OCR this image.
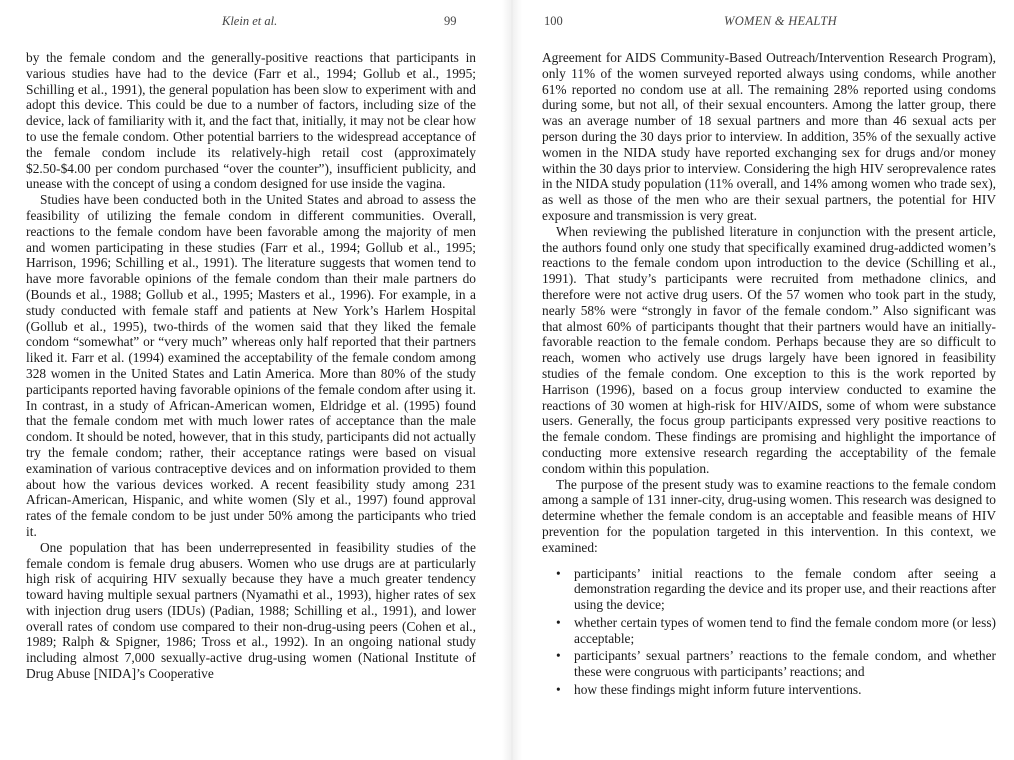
Klein et al.	99

by the female condom and the generally-positive reactions that participants in various studies have had to the device (Farr et al., 1994; Gollub et al., 1995; Schilling et al., 1991), the general population has been slow to experiment with and adopt this device. This could be due to a number of factors, including size of the device, lack of familiarity with it, and the fact that, initially, it may not be clear how to use the female condom. Other potential barriers to the widespread acceptance of the female condom include its relatively-high retail cost (approximately $2.50-$4.00 per condom purchased “over the counter”), insufficient publicity, and unease with the concept of using a condom designed for use inside the vagina.

Studies have been conducted both in the United States and abroad to assess the feasibility of utilizing the female condom in different communities. Overall, reactions to the female condom have been favorable among the majority of men and women participating in these studies (Farr et al., 1994; Gollub et al., 1995; Harrison, 1996; Schilling et al., 1991). The literature suggests that women tend to have more favorable opinions of the female condom than their male partners do (Bounds et al., 1988; Gollub et al., 1995; Masters et al., 1996). For example, in a study conducted with female staff and patients at New York’s Harlem Hospital (Gollub et al., 1995), two-thirds of the women said that they liked the female condom “somewhat” or “very much” whereas only half reported that their partners liked it. Farr et al. (1994) examined the acceptability of the female condom among 328 women in the United States and Latin America. More than 80% of the study participants reported having favorable opinions of the female condom after using it. In contrast, in a study of African-American women, Eldridge et al. (1995) found that the female condom met with much lower rates of acceptance than the male condom. It should be noted, however, that in this study, participants did not actually try the female condom; rather, their acceptance ratings were based on visual examination of various contraceptive devices and on information provided to them about how the various devices worked. A recent feasibility study among 231 African-American, Hispanic, and white women (Sly et al., 1997) found approval rates of the female condom to be just under 50% among the participants who tried it.

One population that has been underrepresented in feasibility studies of the female condom is female drug abusers. Women who use drugs are at particularly high risk of acquiring HIV sexually because they have a much greater tendency toward having multiple sexual partners (Nyamathi et al., 1993), higher rates of sex with injection drug users (IDUs) (Padian, 1988; Schilling et al., 1991), and lower overall rates of condom use compared to their non-drug-using peers (Cohen et al., 1989; Ralph & Spigner, 1986; Tross et al., 1992). In an ongoing national study including almost 7,000 sexually-active drug-using women (National Institute of Drug Abuse [NIDA]’s Cooperative

100	WOMEN & HEALTH

Agreement for AIDS Community-Based Outreach/Intervention Research Program), only 11% of the women surveyed reported always using condoms, while another 61% reported no condom use at all. The remaining 28% reported using condoms during some, but not all, of their sexual encounters. Among the latter group, there was an average number of 18 sexual partners and more than 46 sexual acts per person during the 30 days prior to interview. In addition, 35% of the sexually active women in the NIDA study have reported exchanging sex for drugs and/or money within the 30 days prior to interview. Considering the high HIV seroprevalence rates in the NIDA study population (11% overall, and 14% among women who trade sex), as well as those of the men who are their sexual partners, the potential for HIV exposure and transmission is very great.

When reviewing the published literature in conjunction with the present article, the authors found only one study that specifically examined drug-addicted women’s reactions to the female condom upon introduction to the device (Schilling et al., 1991). That study’s participants were recruited from methadone clinics, and therefore were not active drug users. Of the 57 women who took part in the study, nearly 58% were “strongly in favor of the female condom.” Also significant was that almost 60% of participants thought that their partners would have an initially-favorable reaction to the female condom. Perhaps because they are so difficult to reach, women who actively use drugs largely have been ignored in feasibility studies of the female condom. One exception to this is the work reported by Harrison (1996), based on a focus group interview conducted to examine the reactions of 30 women at high-risk for HIV/AIDS, some of whom were substance users. Generally, the focus group participants expressed very positive reactions to the female condom. These findings are promising and highlight the importance of conducting more extensive research regarding the acceptability of the female condom within this population.

The purpose of the present study was to examine reactions to the female condom among a sample of 131 inner-city, drug-using women. This research was designed to determine whether the female condom is an acceptable and feasible means of HIV prevention for the population targeted in this intervention. In this context, we examined:

• participants’ initial reactions to the female condom after seeing a demonstration regarding the device and its proper use, and their reactions after using the device;
• whether certain types of women tend to find the female condom more (or less) acceptable;
• participants’ sexual partners’ reactions to the female condom, and whether these were congruous with participants’ reactions; and
• how these findings might inform future interventions.
